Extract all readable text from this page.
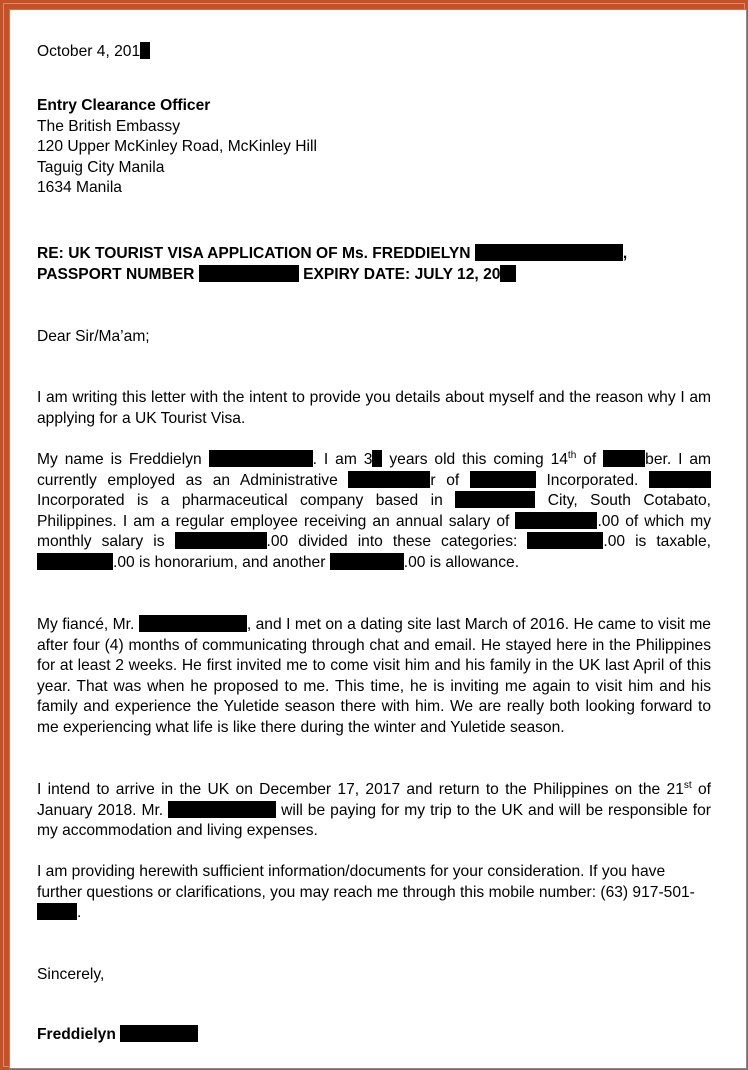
October 4, 201

Entry Clearance Officer
The British Embassy
120 Upper McKinley Road, McKinley Hill
Taguig City Manila
1634 Manila
RE: UK TOURIST VISA APPLICATION OF Ms. FREDDIELYN	,
PASSPORT NUMBER	EXPIRY DATE: JULY 12, 20

Dear Sir/Ma’am;

I am writing this letter with the intent to provide you details about myself and the reason why I am applying for a UK Tourist Visa.

My name is Freddielyn	. I am 3 years old this coming 14th of	ber. I am currently employed as an Administrative	r of	Incorporated.  Incorporated is a pharmaceutical company based in	City, South Cotabato, Philippines. I am a regular employee receiving an annual salary of	.00 of which my monthly salary is	.00 divided into these categories:	.00 is taxable, .00 is honorarium, and another	.00 is allowance.

My fiancé, Mr.	, and I met on a dating site last March of 2016. He came to visit me after four (4) months of communicating through chat and email. He stayed here in the Philippines for at least 2 weeks. He first invited me to come visit him and his family in the UK last April of this year. That was when he proposed to me. This time, he is inviting me again to visit him and his family and experience the Yuletide season there with him. We are really both looking forward to me experiencing what life is like there during the winter and Yuletide season.

I intend to arrive in the UK on December 17, 2017 and return to the Philippines on the 21st of January 2018. Mr.	will be paying for my trip to the UK and will be responsible for my accommodation and living expenses.

I am providing herewith sufficient information/documents for your consideration. If you have further questions or clarifications, you may reach me through this mobile number: (63) 917-501-.

Sincerely,

Freddielyn
